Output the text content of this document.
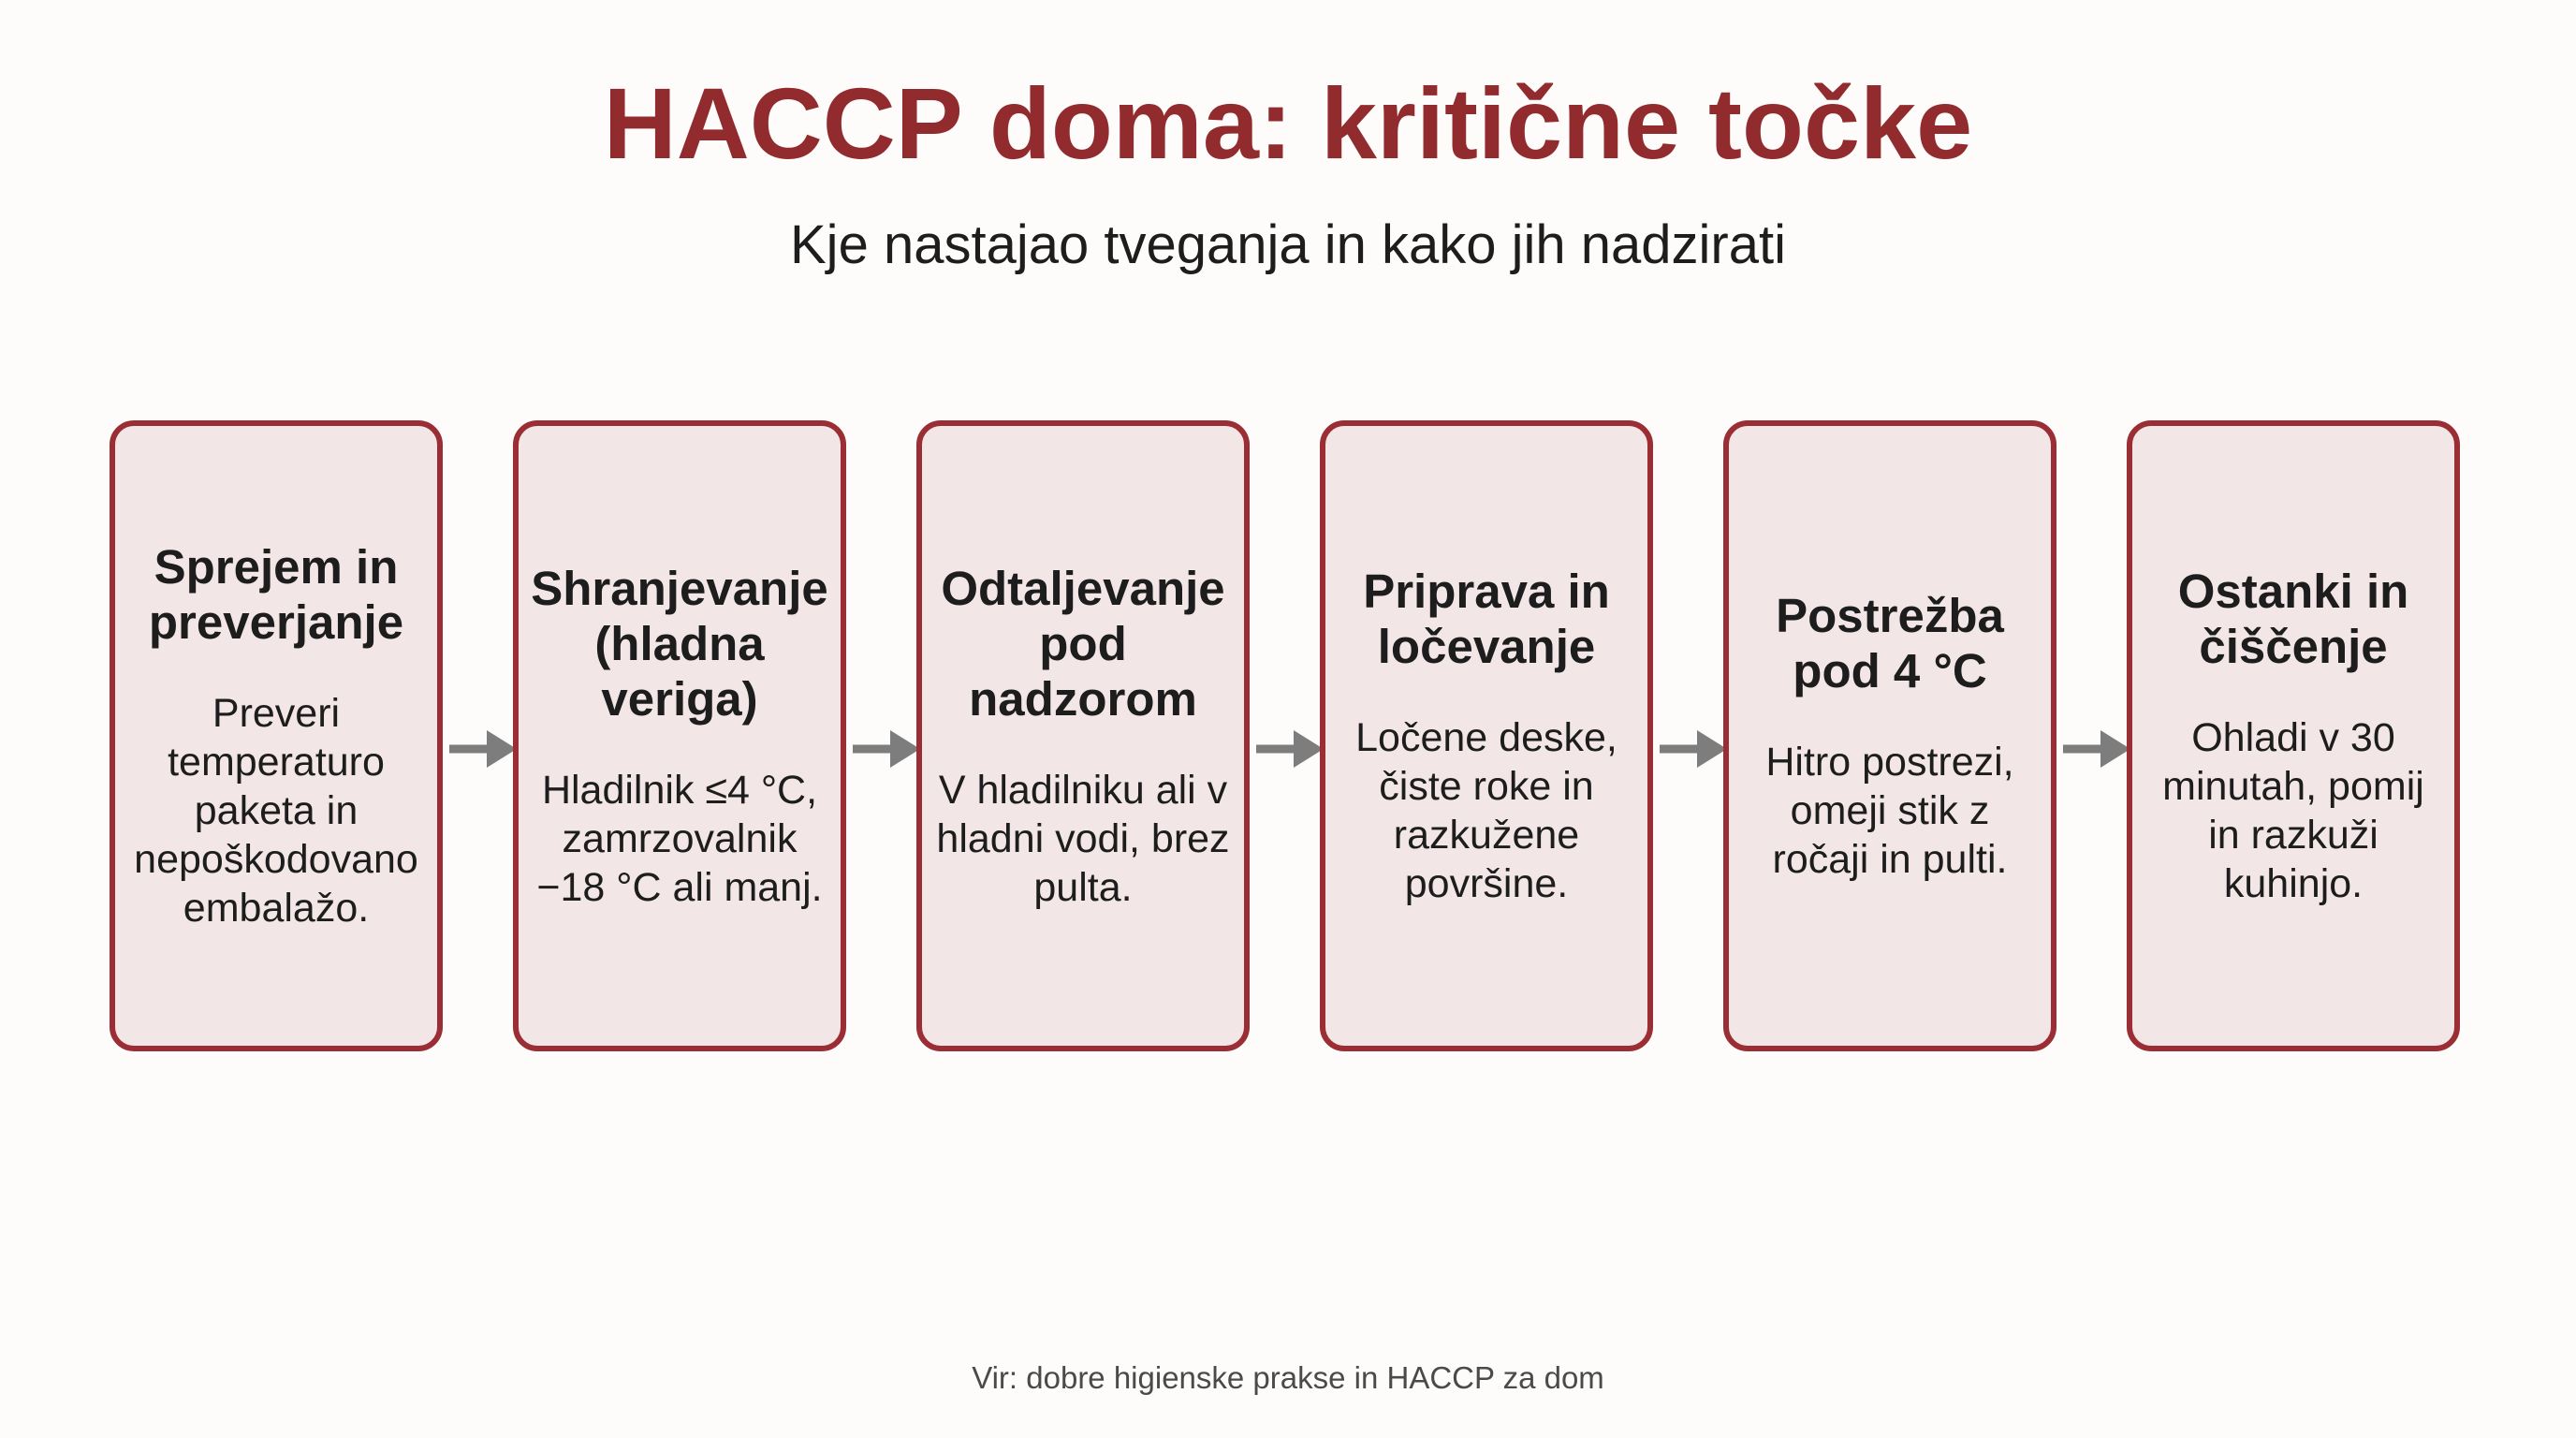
HACCP doma: kritične točke

Kje nastajao tveganja in kako jih nadzirati

Sprejem in preverjanje
Preveri temperaturo paketa in nepoškodovano embalažo.
Shranjevanje (hladna veriga)
Hladilnik ≤4 °C, zamrzovalnik −18 °C ali manj.
Odtaljevanje pod nadzorom
V hladilniku ali v hladni vodi, brez pulta.
Priprava in ločevanje
Ločene deske, čiste roke in razkužene površine.
Postrežba pod 4 °C
Hitro postrezi, omeji stik z ročaji in pulti.
Ostanki in čiščenje
Ohladi v 30 minutah, pomij in razkuži kuhinjo.

Vir: dobre higienske prakse in HACCP za dom
